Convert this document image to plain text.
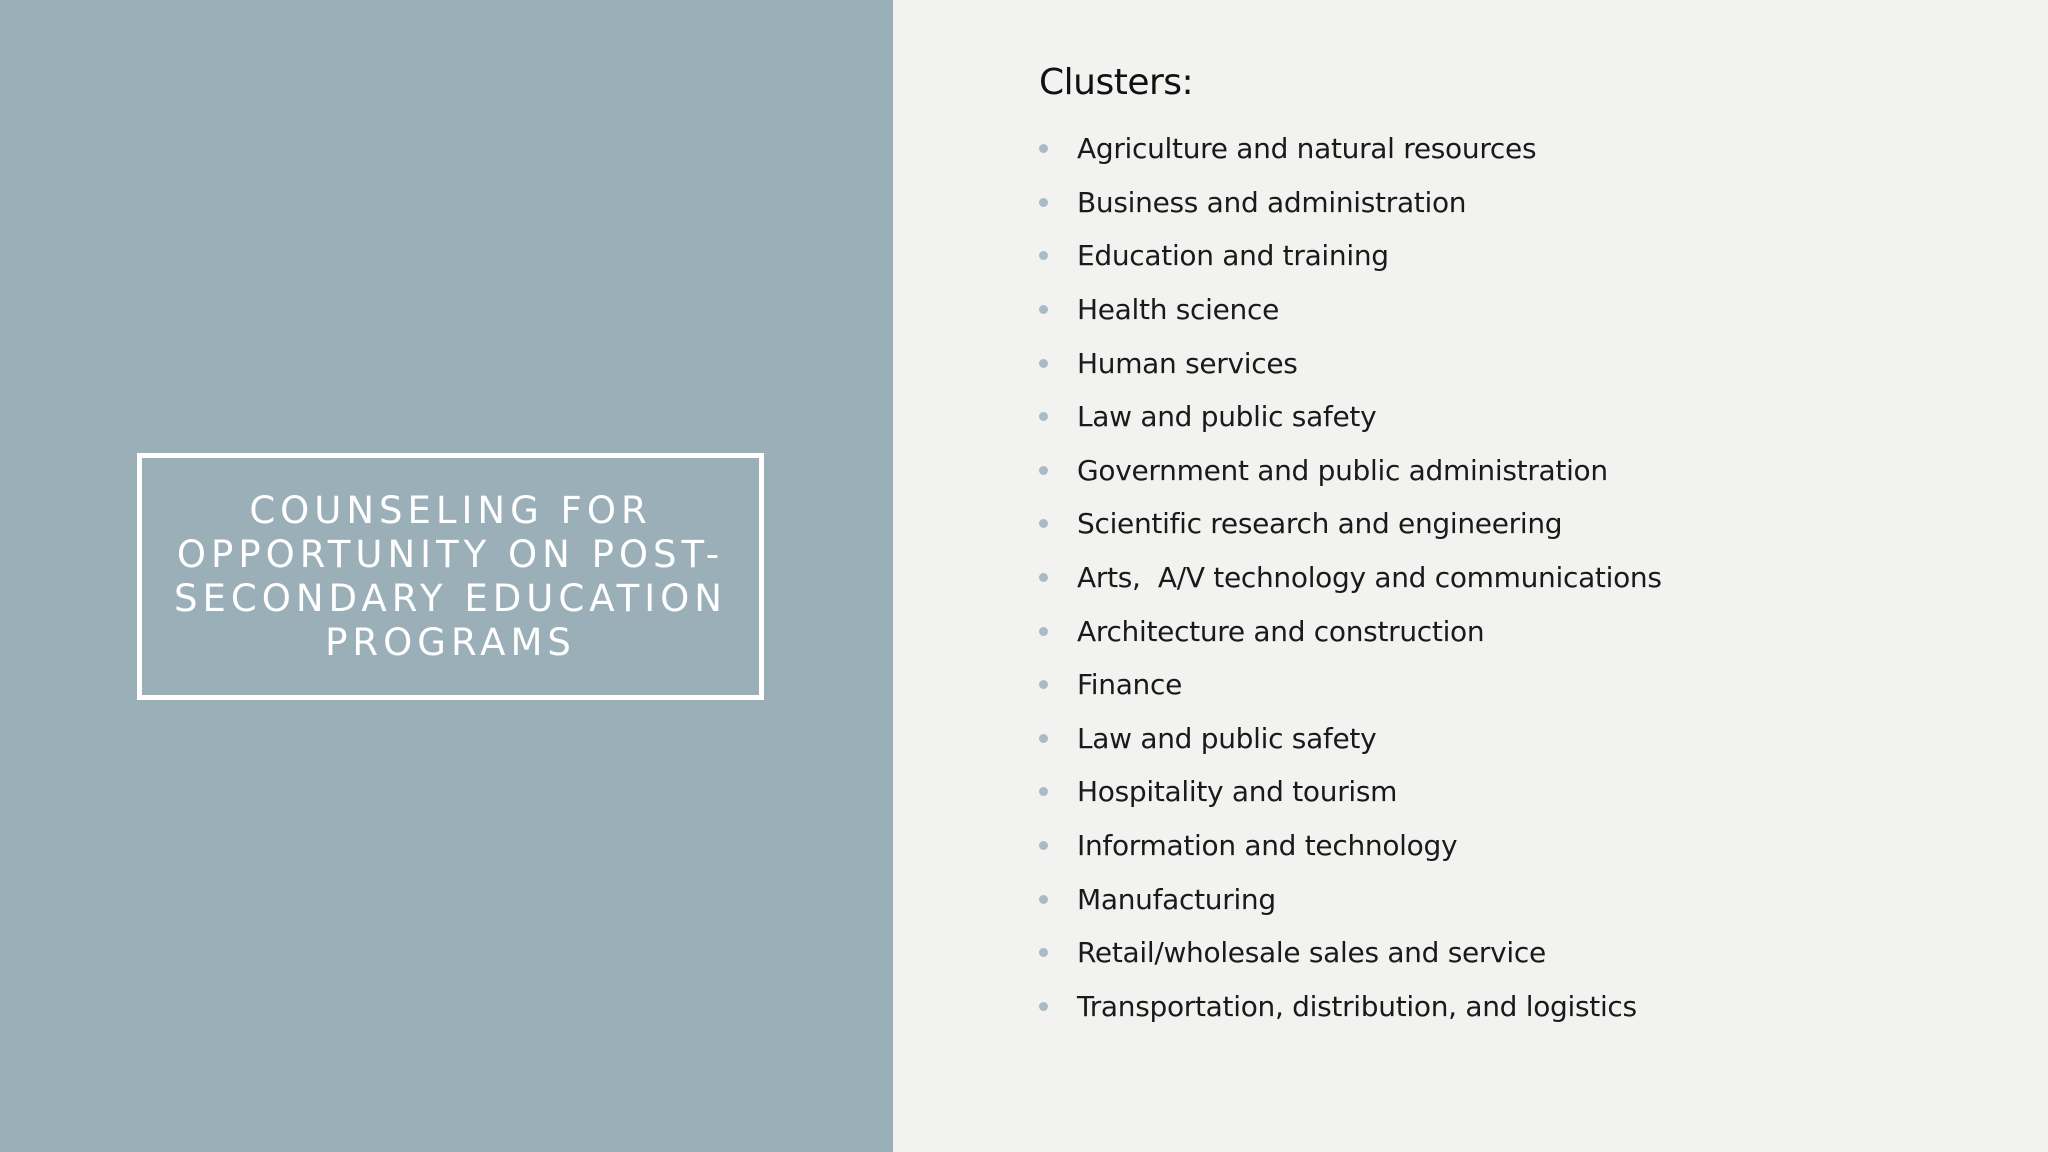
COUNSELING FOR OPPORTUNITY ON POST-SECONDARY EDUCATION PROGRAMS
Clusters:
Agriculture and natural resources
Business and administration
Education and training
Health science
Human services
Law and public safety
Government and public administration
Scientific research and engineering
Arts,  A/V technology and communications
Architecture and construction
Finance
Law and public safety
Hospitality and tourism
Information and technology
Manufacturing
Retail/wholesale sales and service
Transportation, distribution, and logistics
